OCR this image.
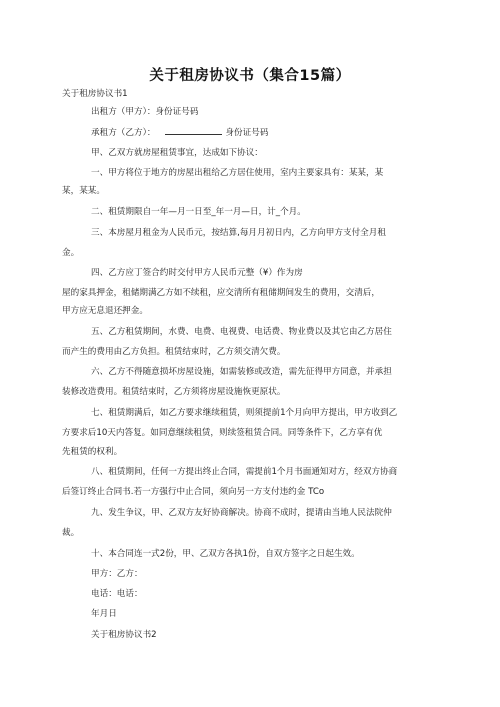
关于租房协议书（集合15篇）
关于租房协议书1
出租方（甲方）：身份证号码
承租方（乙方）：	身份证号码
甲、乙双方就房屋租赁事宜，达成如下协议：
一、甲方将位于地方的房屋出租给乙方居住使用，室内主要家具有：某某，某
某，某某。
二、租赁期限自一年—月一日至_年一月—日，计_个月。
三、本房屋月租金为人民币元，按结算,每月月初日内，乙方向甲方支付全月租
金。
四、乙方应丁签合约时交付甲方人民币元整（¥）作为房
屋的家具押金，租储期满乙方如不续租，应交清所有租储期间发生的费用，交清后，
甲方应无息退还押金。
五、乙方租赁期间，水费、电费、电视费、电话费、物业费以及其它由乙方居住
而产生的费用由乙方负担。租赁结束时，乙方须交清欠费。
六、乙方不得随意损坏房屋设施，如需装修或改造，需先征得甲方同意，并承担
装修改造费用。租赁结束时，乙方须将房屋设施恢更原状。
七、租赁期满后，如乙方要求继续租赁，则须提前1个月向甲方提出，甲方收到乙
方要求后10天内答复。如同意继续租赁，则续签租赁合同。同等条件下，乙方享有优
先租赁的权利。
八、租赁期间，任何一方提出终止合同，需提前1个月书面通知对方，经双方协商
后签订终止合同书.若一方强行中止合同，须向另一方支付违约金 TCo
九、发生争议，甲、乙双方友好协商解决。协商不成时，提请由当地人民法院仲
裁。
十、本合同连一式2份，甲、乙双方各执1份，自双方签字之日起生效。
甲方：乙方：
电话：电话：
年月日
关于租房协议书2
